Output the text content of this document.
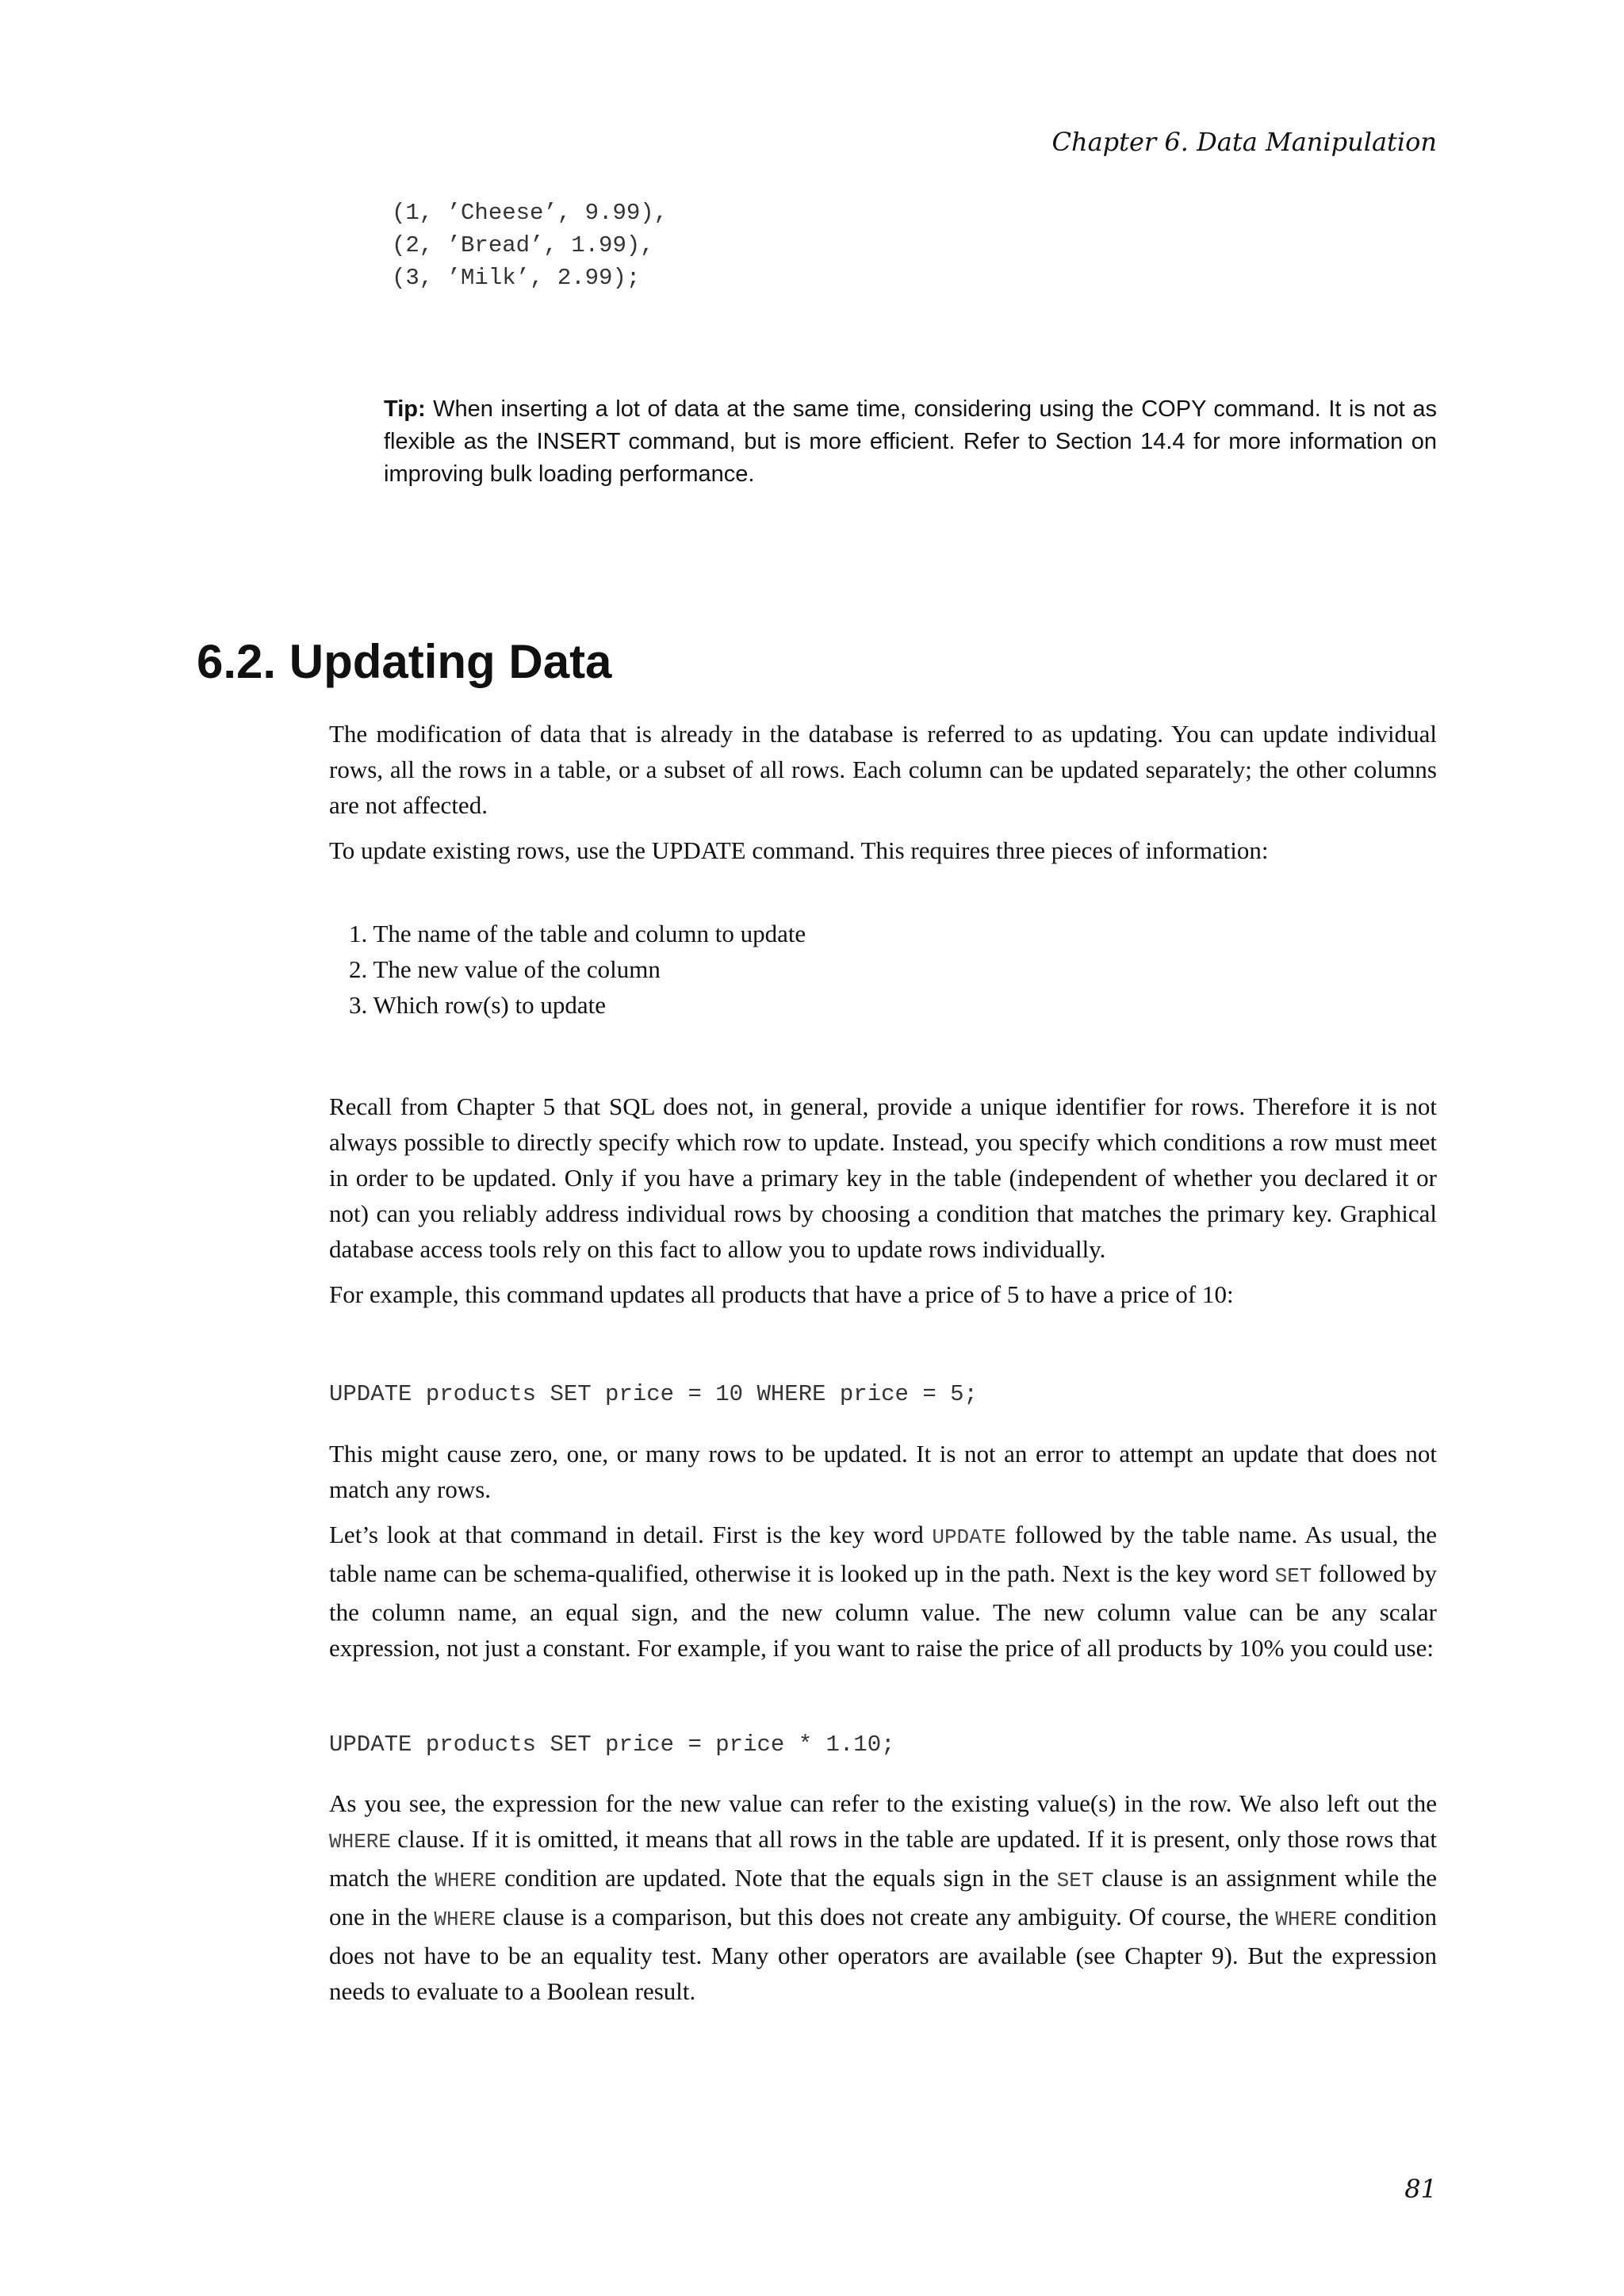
Chapter 6. Data Manipulation
(1, ’Cheese’, 9.99),
(2, ’Bread’, 1.99),
(3, ’Milk’, 2.99);
Tip: When inserting a lot of data at the same time, considering using the COPY command. It is not as flexible as the INSERT command, but is more efficient. Refer to Section 14.4 for more information on improving bulk loading performance.
6.2. Updating Data

The modification of data that is already in the database is referred to as updating. You can update individual rows, all the rows in a table, or a subset of all rows. Each column can be updated separately; the other columns are not affected.

To update existing rows, use the UPDATE command. This requires three pieces of information:

1. The name of the table and column to update
2. The new value of the column
3. Which row(s) to update

Recall from Chapter 5 that SQL does not, in general, provide a unique identifier for rows. Therefore it is not always possible to directly specify which row to update. Instead, you specify which conditions a row must meet in order to be updated. Only if you have a primary key in the table (independent of whether you declared it or not) can you reliably address individual rows by choosing a condition that matches the primary key. Graphical database access tools rely on this fact to allow you to update rows individually.

For example, this command updates all products that have a price of 5 to have a price of 10:

UPDATE products SET price = 10 WHERE price = 5;

This might cause zero, one, or many rows to be updated. It is not an error to attempt an update that does not match any rows.

Let’s look at that command in detail. First is the key word UPDATE followed by the table name. As usual, the table name can be schema-qualified, otherwise it is looked up in the path. Next is the key word SET followed by the column name, an equal sign, and the new column value. The new column value can be any scalar expression, not just a constant. For example, if you want to raise the price of all products by 10% you could use:

UPDATE products SET price = price * 1.10;

As you see, the expression for the new value can refer to the existing value(s) in the row. We also left out the WHERE clause. If it is omitted, it means that all rows in the table are updated. If it is present, only those rows that match the WHERE condition are updated. Note that the equals sign in the SET clause is an assignment while the one in the WHERE clause is a comparison, but this does not create any ambiguity. Of course, the WHERE condition does not have to be an equality test. Many other operators are available (see Chapter 9). But the expression needs to evaluate to a Boolean result.

81
